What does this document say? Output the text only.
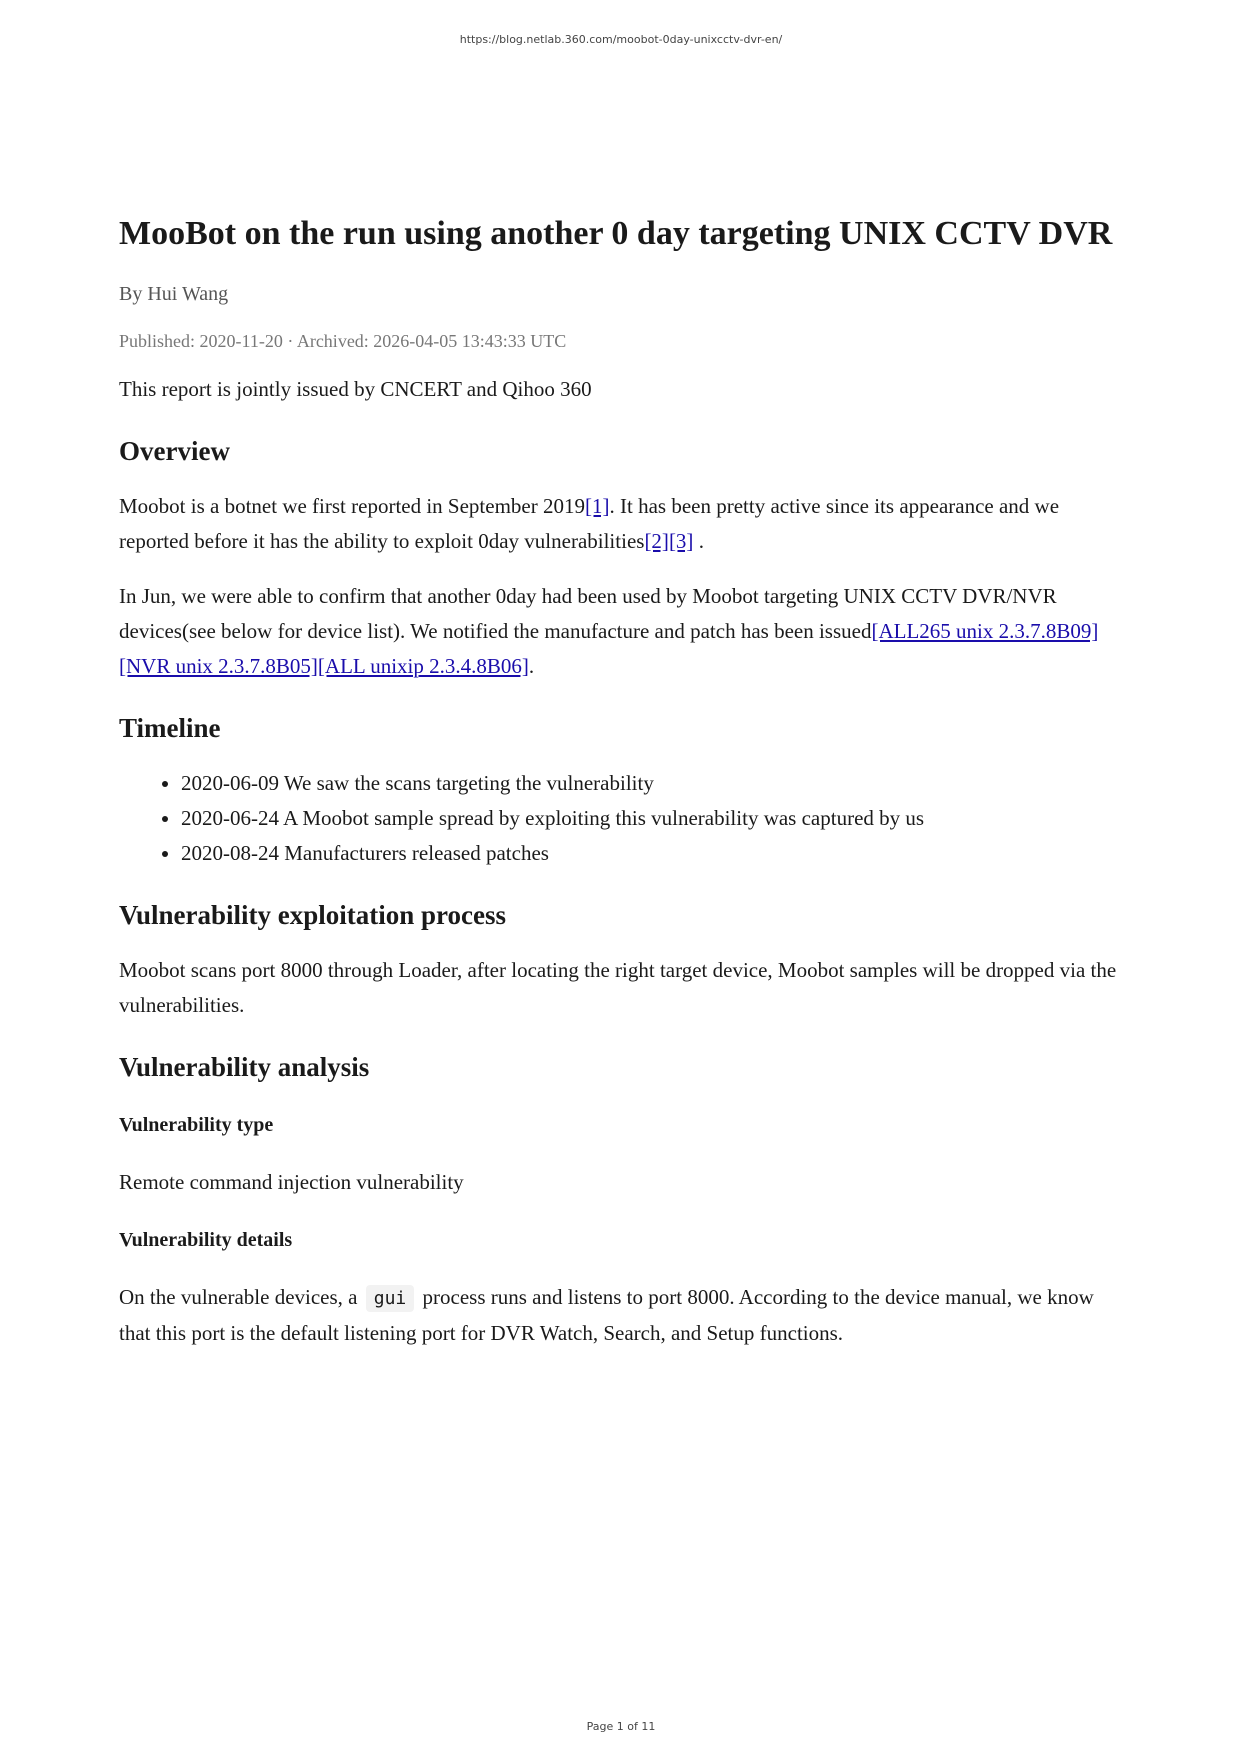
https://blog.netlab.360.com/moobot-0day-unixcctv-dvr-en/
MooBot on the run using another 0 day targeting UNIX CCTV DVR
By Hui Wang
Published: 2020-11-20 · Archived: 2026-04-05 13:43:33 UTC

This report is jointly issued by CNCERT and Qihoo 360

Overview

Moobot is a botnet we first reported in September 2019[1]. It has been pretty active since its appearance and we reported before it has the ability to exploit 0day vulnerabilities[2][3] .

In Jun, we were able to confirm that another 0day had been used by Moobot targeting UNIX CCTV DVR/NVR devices(see below for device list). We notified the manufacture and patch has been issued[ALL265 unix 2.3.7.8B09][NVR unix 2.3.7.8B05][ALL unixip 2.3.4.8B06].

Timeline
• 2020-06-09 We saw the scans targeting the vulnerability
• 2020-06-24 A Moobot sample spread by exploiting this vulnerability was captured by us
• 2020-08-24 Manufacturers released patches
Vulnerability exploitation process

Moobot scans port 8000 through Loader, after locating the right target device, Moobot samples will be dropped via the vulnerabilities.

Vulnerability analysis
Vulnerability type

Remote command injection vulnerability

Vulnerability details

On the vulnerable devices, a gui process runs and listens to port 8000. According to the device manual, we know that this port is the default listening port for DVR Watch, Search, and Setup functions.

Page 1 of 11
